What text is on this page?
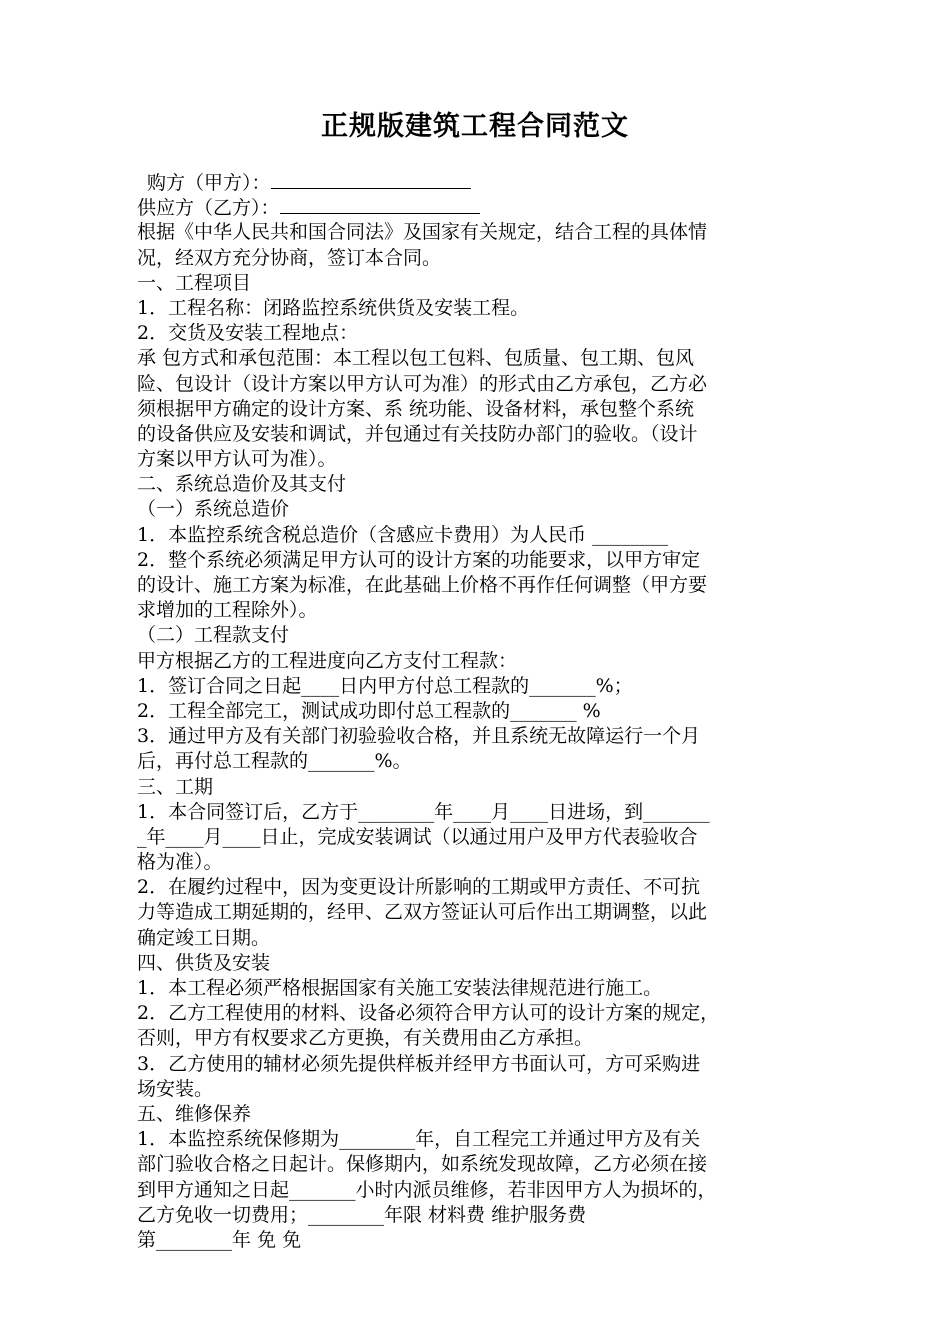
正规版建筑工程合同范文
购方（甲方）：
供应方（乙方）：
根据《中华人民共和国合同法》及国家有关规定，结合工程的具体情
况，经双方充分协商，签订本合同。
一、工程项目
1．工程名称：闭路监控系统供货及安装工程。
2．交货及安装工程地点：
承 包方式和承包范围：本工程以包工包料、包质量、包工期、包风
险、包设计（设计方案以甲方认可为准）的形式由乙方承包，乙方必
须根据甲方确定的设计方案、系 统功能、设备材料，承包整个系统
的设备供应及安装和调试，并包通过有关技防办部门的验收。（设计
方案以甲方认可为准）。
二、系统总造价及其支付
（一）系统总造价
1．本监控系统含税总造价（含感应卡费用）为人民币 ________
2．整个系统必须满足甲方认可的设计方案的功能要求，以甲方审定
的设计、施工方案为标准，在此基础上价格不再作任何调整（甲方要
求增加的工程除外）。
（二）工程款支付
甲方根据乙方的工程进度向乙方支付工程款：
1．签订合同之日起____日内甲方付总工程款的_______%；
2．工程全部完工，测试成功即付总工程款的_______ %
3．通过甲方及有关部门初验验收合格，并且系统无故障运行一个月
后，再付总工程款的_______%。
三、工期
1．本合同签订后，乙方于________年____月____日进场，到_______
_年____月____日止，完成安装调试（以通过用户及甲方代表验收合
格为准）。
2．在履约过程中，因为变更设计所影响的工期或甲方责任、不可抗
力等造成工期延期的，经甲、乙双方签证认可后作出工期调整，以此
确定竣工日期。
四、供货及安装
1．本工程必须严格根据国家有关施工安装法律规范进行施工。
2．乙方工程使用的材料、设备必须符合甲方认可的设计方案的规定，
否则，甲方有权要求乙方更换，有关费用由乙方承担。
3．乙方使用的辅材必须先提供样板并经甲方书面认可，方可采购进
场安装。
五、维修保养
1．本监控系统保修期为________年，自工程完工并通过甲方及有关
部门验收合格之日起计。保修期内，如系统发现故障，乙方必须在接
到甲方通知之日起_______小时内派员维修，若非因甲方人为损坏的，
乙方免收一切费用；________年限 材料费 维护服务费
第________年 免 免
